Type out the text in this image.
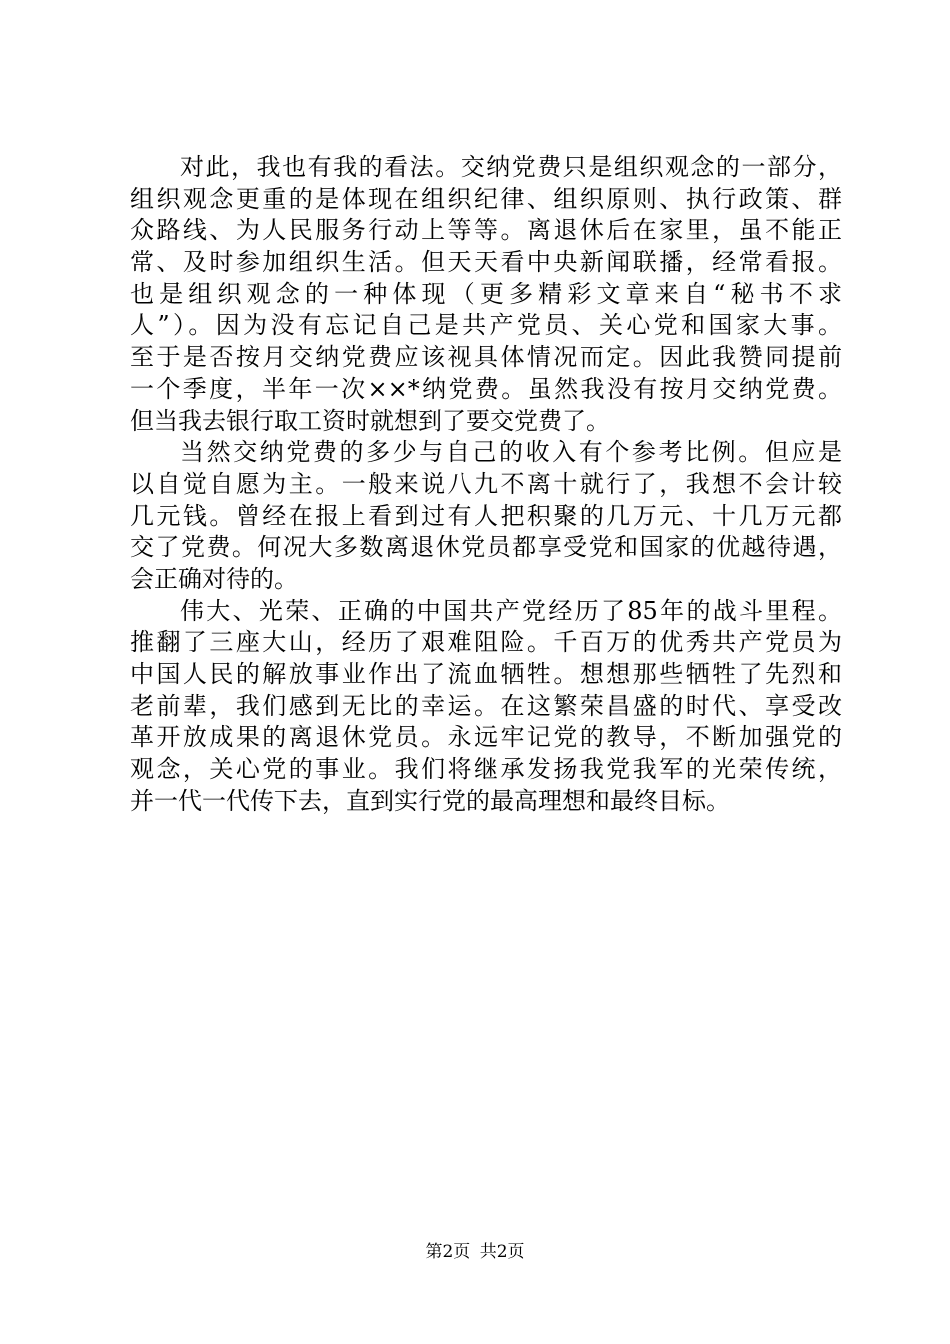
对此，我也有我的看法。交纳党费只是组织观念的一部分，
组织观念更重的是体现在组织纪律、组织原则、执行政策、群
众路线、为人民服务行动上等等。离退休后在家里，虽不能正
常、及时参加组织生活。但天天看中央新闻联播，经常看报。
也是组织观念的一种体现（更多精彩文章来自“秘书不求
人”）。因为没有忘记自己是共产党员、关心党和国家大事。
至于是否按月交纳党费应该视具体情况而定。因此我赞同提前
一个季度，半年一次××*纳党费。虽然我没有按月交纳党费。
但当我去银行取工资时就想到了要交党费了。
当然交纳党费的多少与自己的收入有个参考比例。但应是
以自觉自愿为主。一般来说八九不离十就行了，我想不会计较
几元钱。曾经在报上看到过有人把积聚的几万元、十几万元都
交了党费。何况大多数离退休党员都享受党和国家的优越待遇，
会正确对待的。
伟大、光荣、正确的中国共产党经历了85年的战斗里程。
推翻了三座大山，经历了艰难阻险。千百万的优秀共产党员为
中国人民的解放事业作出了流血牺牲。想想那些牺牲了先烈和
老前辈，我们感到无比的幸运。在这繁荣昌盛的时代、享受改
革开放成果的离退休党员。永远牢记党的教导，不断加强党的
观念，关心党的事业。我们将继承发扬我党我军的光荣传统，
并一代一代传下去，直到实行党的最高理想和最终目标。
第2页 共2页
